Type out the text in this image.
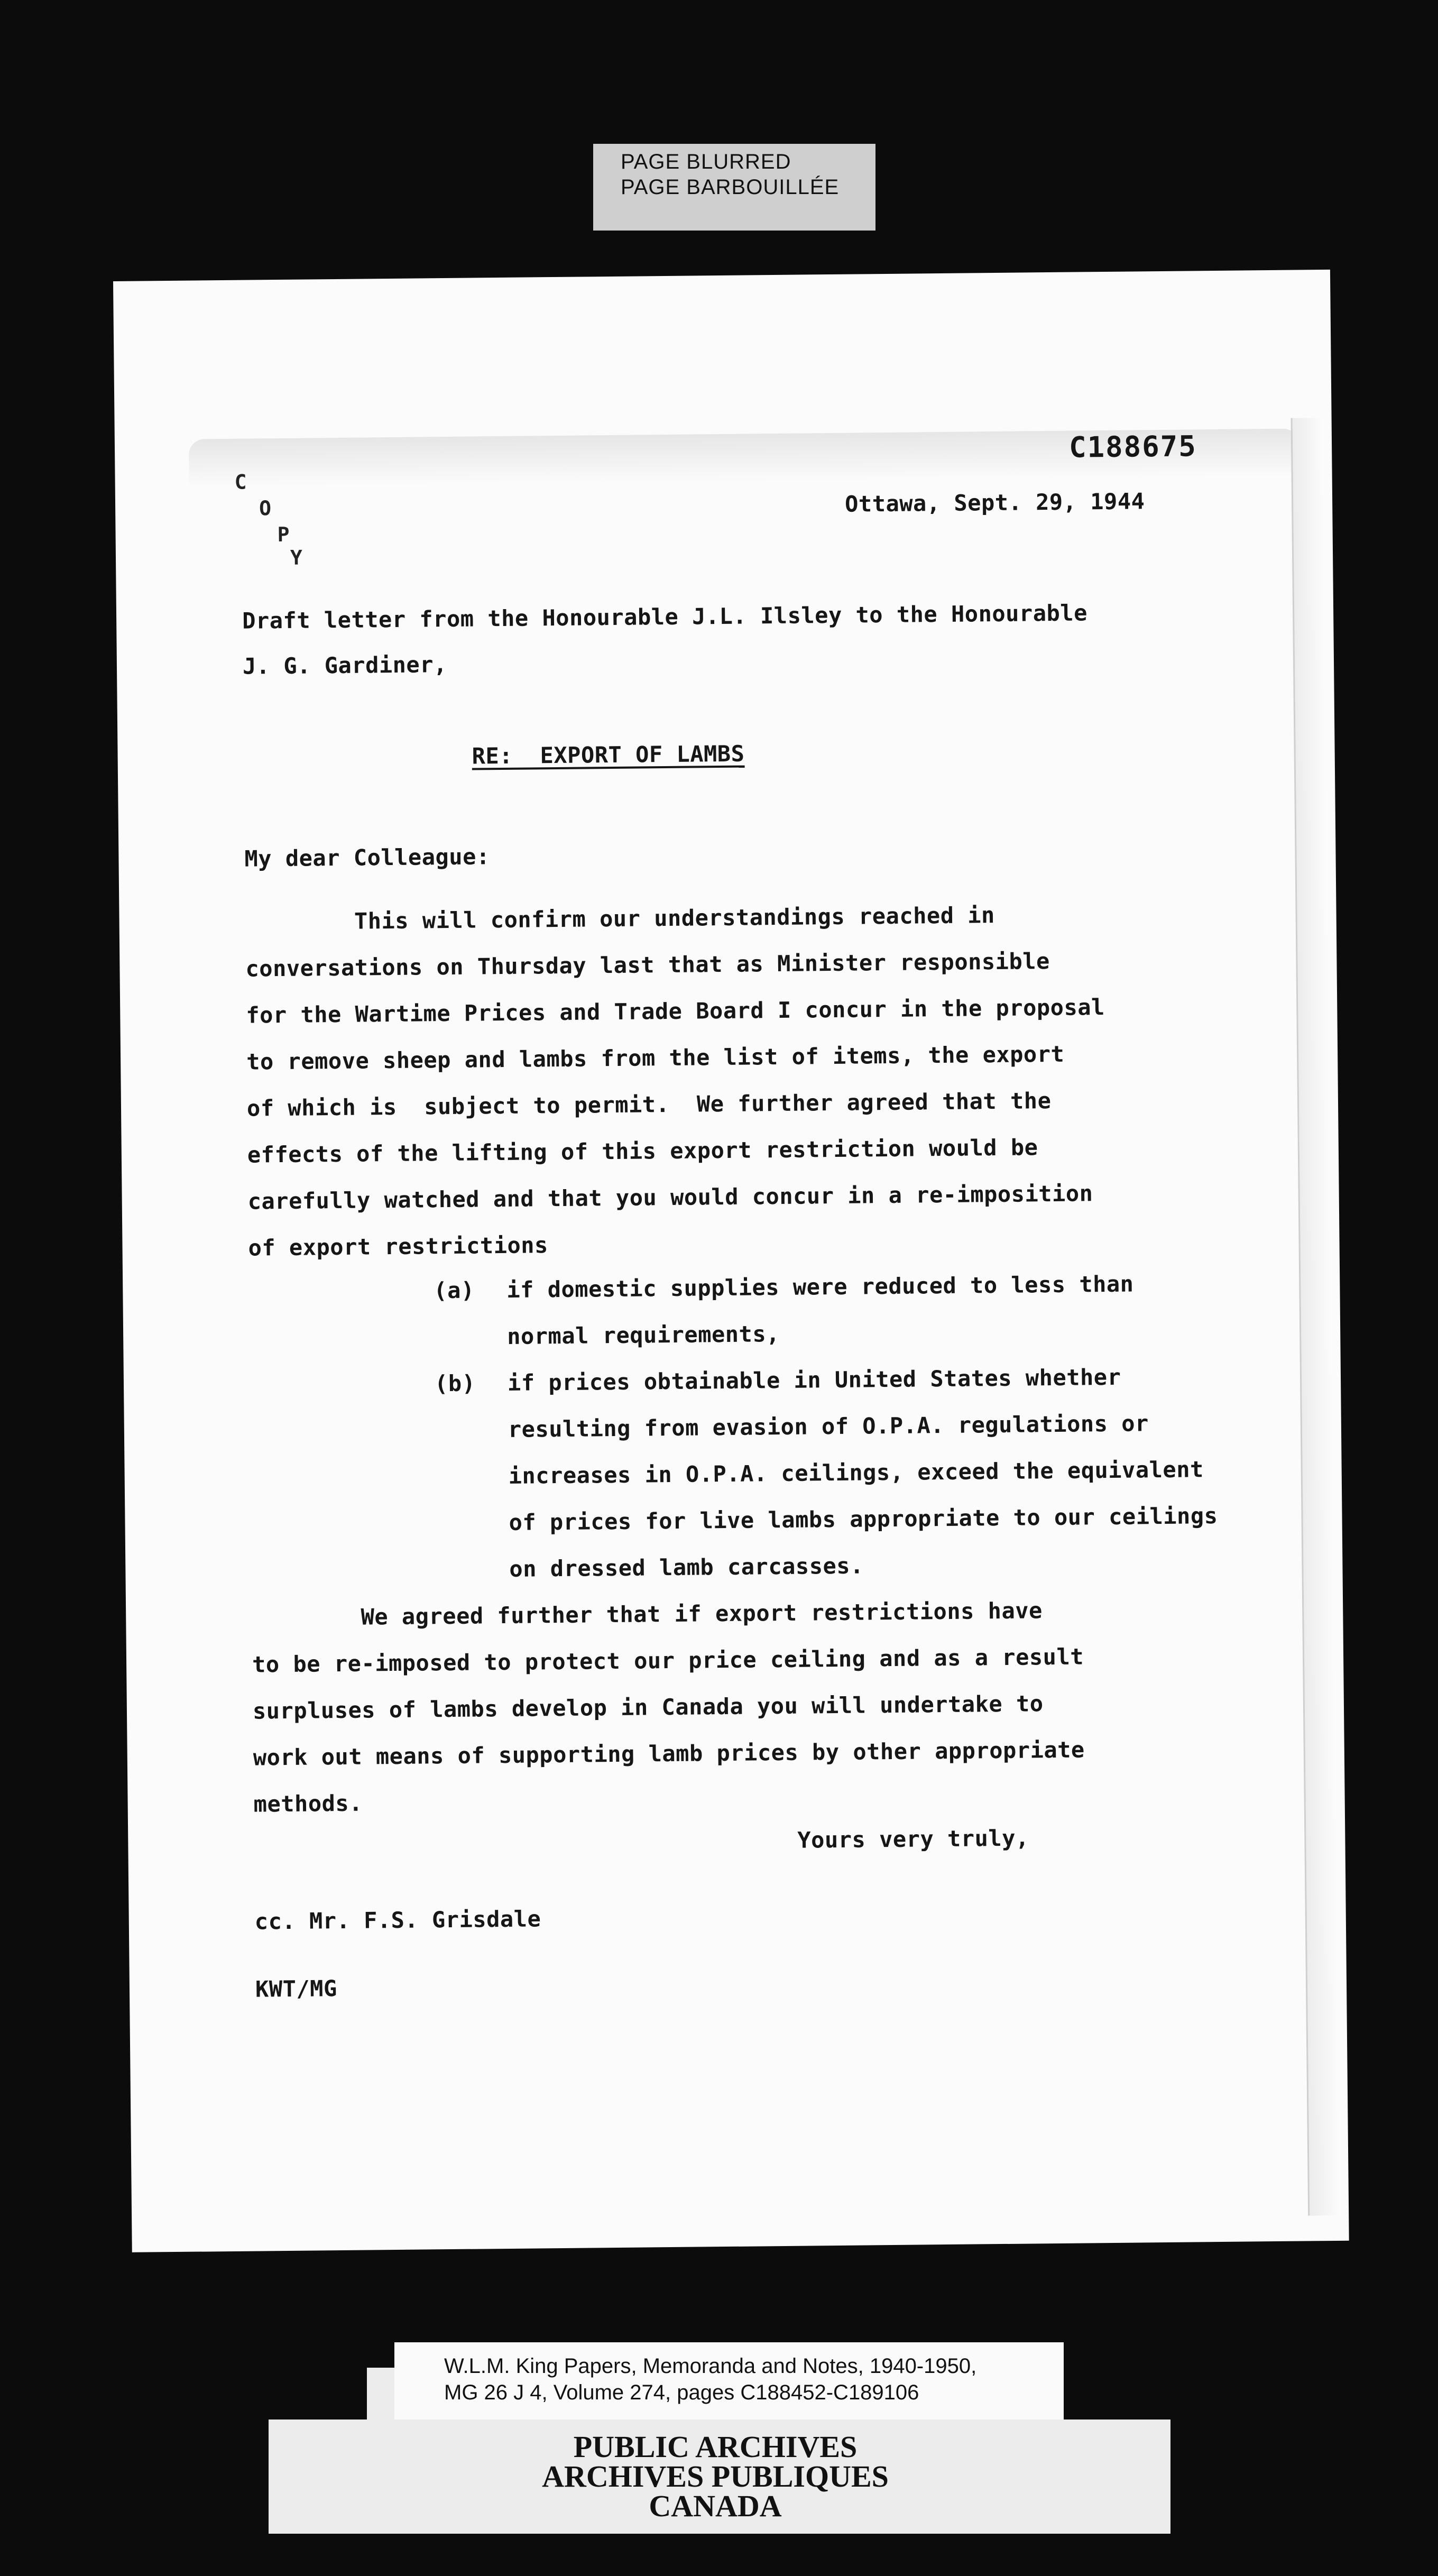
PAGE BLURRED
PAGE BARBOUILLÉE
C188675
C
O
P
Y
Ottawa, Sept. 29, 1944
Draft letter from the Honourable J.L. Ilsley to the Honourable
J. G. Gardiner,
RE:  EXPORT OF LAMBS
My dear Colleague:
This will confirm our understandings reached in
conversations on Thursday last that as Minister responsible
for the Wartime Prices and Trade Board I concur in the proposal
to remove sheep and lambs from the list of items, the export
of which is  subject to permit.  We further agreed that the
effects of the lifting of this export restriction would be
carefully watched and that you would concur in a re-imposition
of export restrictions
(a) if domestic supplies were reduced to less than
normal requirements,
(b) if prices obtainable in United States whether
resulting from evasion of O.P.A. regulations or
increases in O.P.A. ceilings, exceed the equivalent
of prices for live lambs appropriate to our ceilings
on dressed lamb carcasses.
We agreed further that if export restrictions have
to be re-imposed to protect our price ceiling and as a result
surpluses of lambs develop in Canada you will undertake to
work out means of supporting lamb prices by other appropriate
methods.
Yours very truly,
cc. Mr. F.S. Grisdale
KWT/MG
W.L.M. King Papers, Memoranda and Notes, 1940-1950,
MG 26 J 4, Volume 274, pages C188452-C189106
PUBLIC ARCHIVES
ARCHIVES PUBLIQUES
CANADA
